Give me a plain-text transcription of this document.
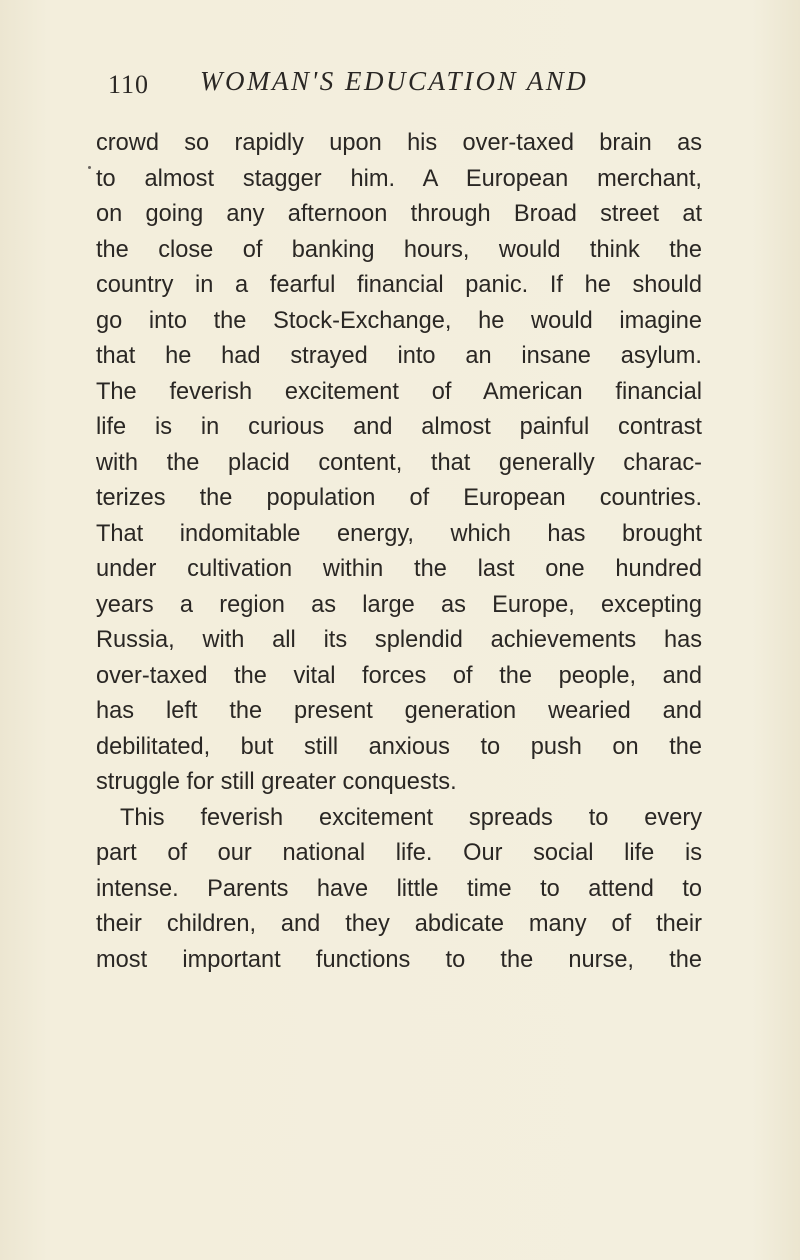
110 WOMAN'S EDUCATION AND
crowd so rapidly upon his over-taxed brain as
to almost stagger him. A European merchant,
on going any afternoon through Broad street at
the close of banking hours, would think the
country in a fearful financial panic. If he should
go into the Stock-Exchange, he would imagine
that he had strayed into an insane asylum.
The feverish excitement of American financial
life is in curious and almost painful contrast
with the placid content, that generally charac-
terizes the population of European countries.
That indomitable energy, which has brought
under cultivation within the last one hundred
years a region as large as Europe, excepting
Russia, with all its splendid achievements has
over-taxed the vital forces of the people, and
has left the present generation wearied and
debilitated, but still anxious to push on the
struggle for still greater conquests.
This feverish excitement spreads to every
part of our national life. Our social life is
intense. Parents have little time to attend to
their children, and they abdicate many of their
most important functions to the nurse, the
